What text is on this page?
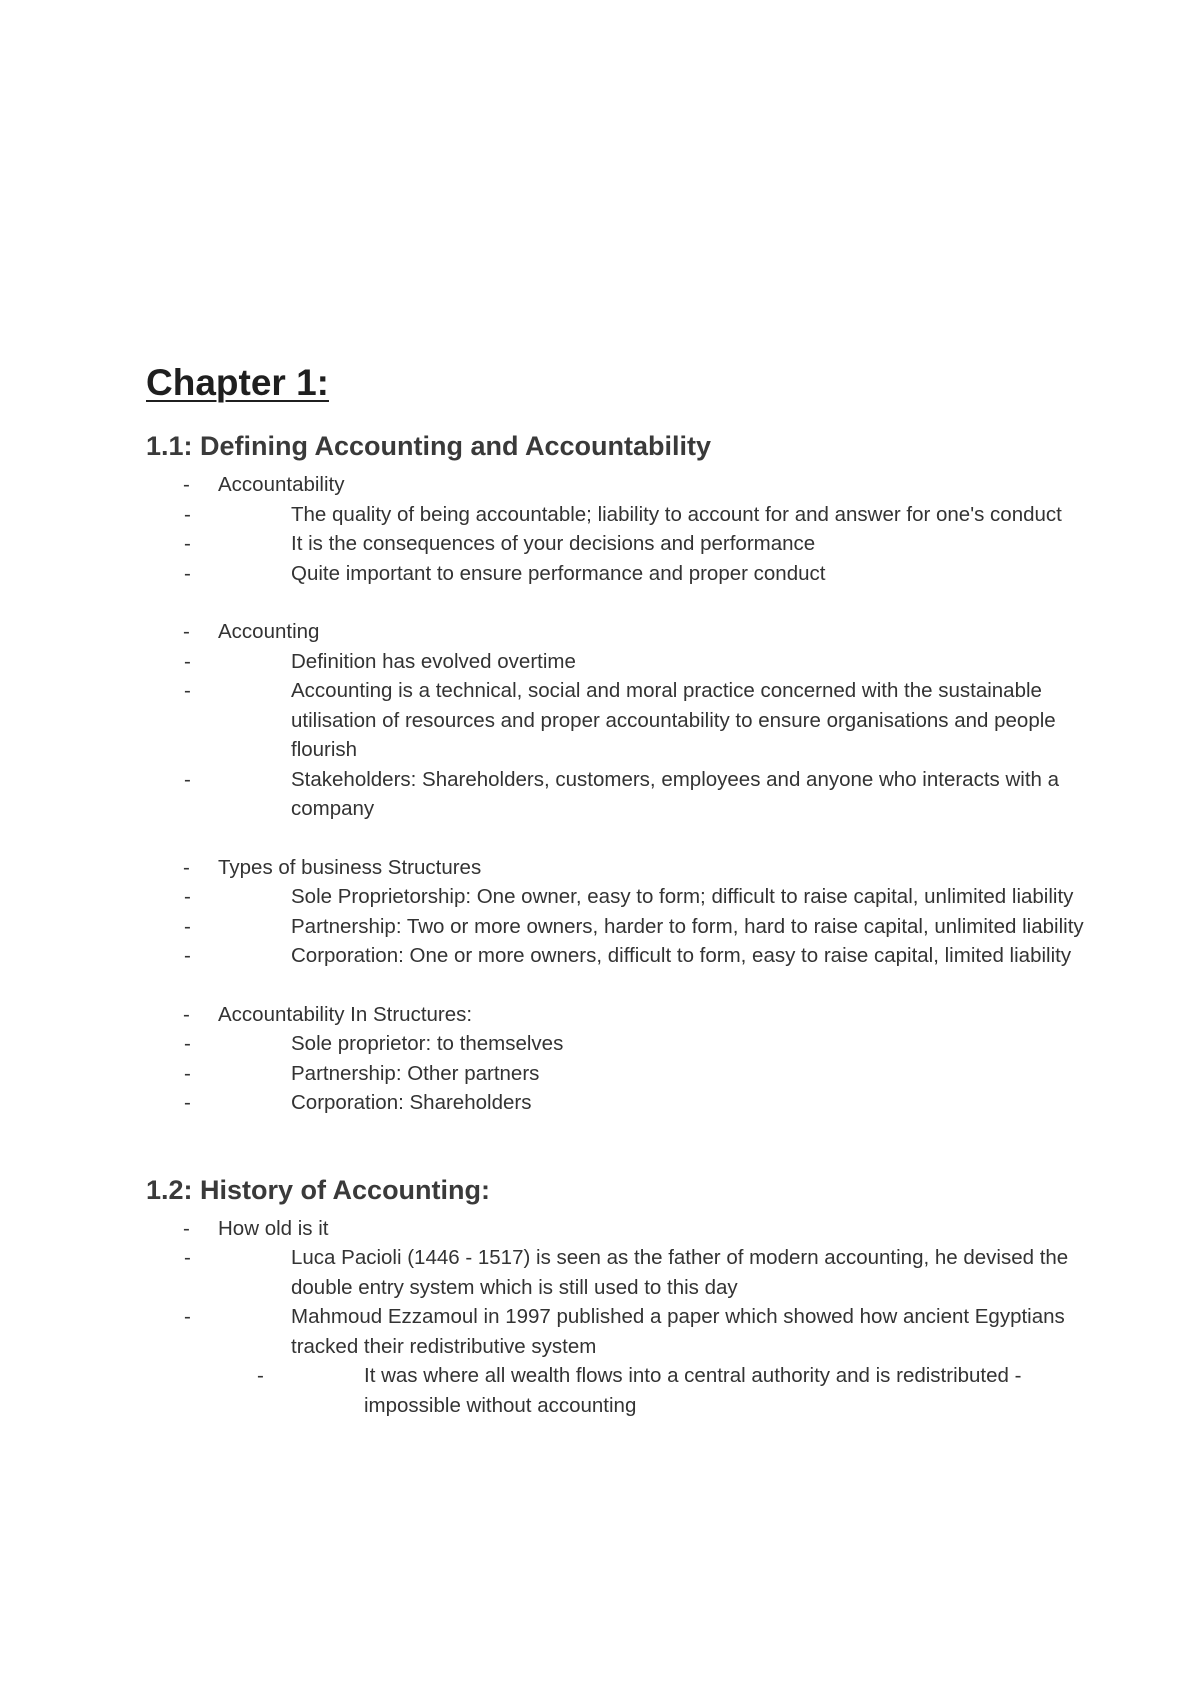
Chapter 1:
1.1: Defining Accounting and Accountability
- Accountability
-	The quality of being accountable; liability to account for and answer for one's conduct
-	It is the consequences of your decisions and performance
-	Quite important to ensure performance and proper conduct
- Accounting
-	Definition has evolved overtime
-	Accounting is a technical, social and moral practice concerned with the sustainable utilisation of resources and proper accountability to ensure organisations and people flourish
-	Stakeholders: Shareholders, customers, employees and anyone who interacts with a company
- Types of business Structures
-	Sole Proprietorship: One owner, easy to form; difficult to raise capital, unlimited liability
-	Partnership: Two or more owners, harder to form, hard to raise capital, unlimited liability
-	Corporation: One or more owners, difficult to form, easy to raise capital, limited liability
- Accountability In Structures:
-	Sole proprietor: to themselves
-	Partnership: Other partners
-	Corporation: Shareholders
1.2: History of Accounting:
- How old is it
-	Luca Pacioli (1446 - 1517) is seen as the father of modern accounting, he devised the double entry system which is still used to this day
-	Mahmoud Ezzamoul in 1997 published a paper which showed how ancient Egyptians tracked their redistributive system
-	It was where all wealth flows into a central authority and is redistributed - impossible without accounting
